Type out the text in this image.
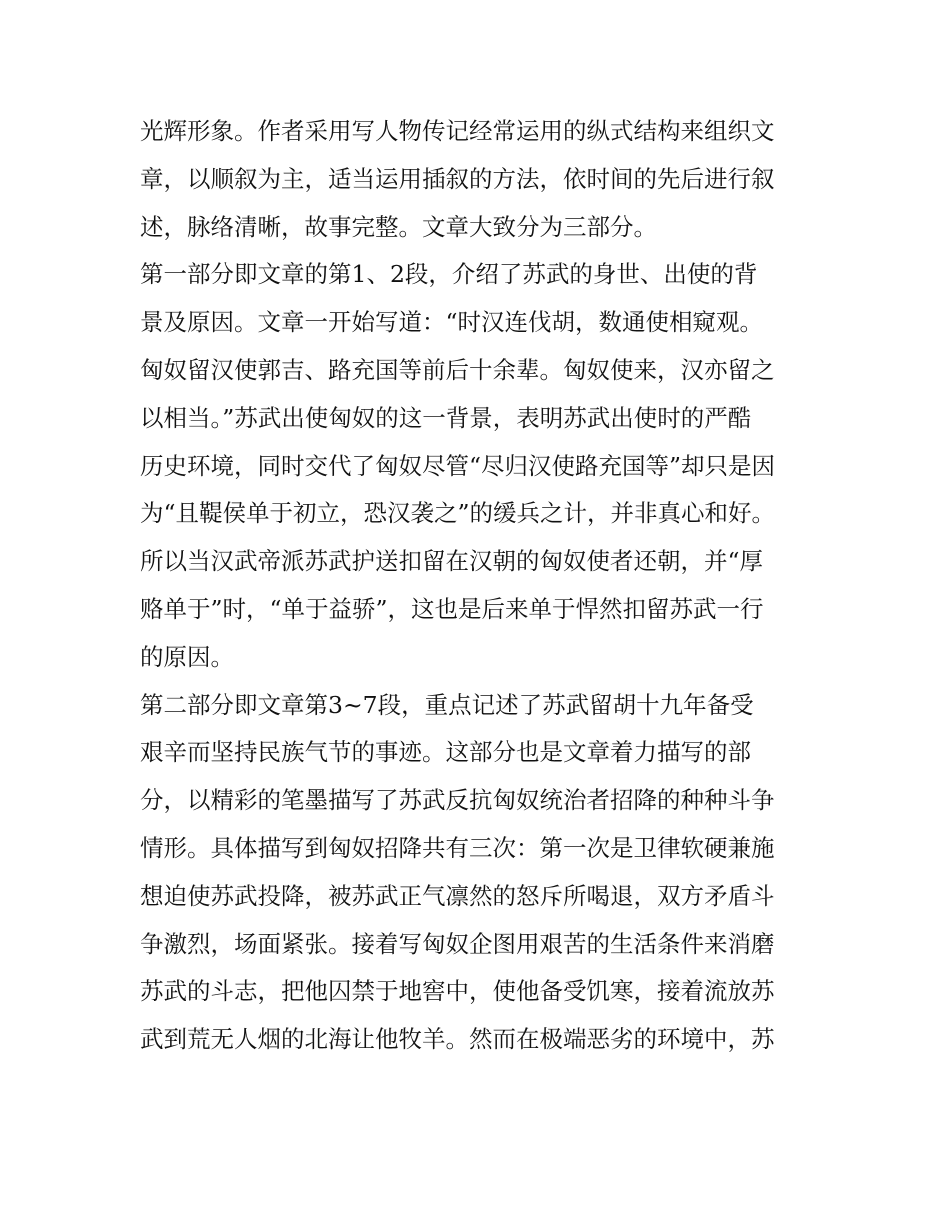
光辉形象。作者采用写人物传记经常运用的纵式结构来组织文
章，以顺叙为主，适当运用插叙的方法，依时间的先后进行叙
述，脉络清晰，故事完整。文章大致分为三部分。
第一部分即文章的第1、2段，介绍了苏武的身世、出使的背
景及原因。文章一开始写道：“时汉连伐胡，数通使相窥观。
匈奴留汉使郭吉、路充国等前后十余辈。匈奴使来，汉亦留之
以相当。”苏武出使匈奴的这一背景，表明苏武出使时的严酷
历史环境，同时交代了匈奴尽管“尽归汉使路充国等”却只是因
为“且鞮侯单于初立，恐汉袭之”的缓兵之计，并非真心和好。
所以当汉武帝派苏武护送扣留在汉朝的匈奴使者还朝，并“厚
赂单于”时，“单于益骄”，这也是后来单于悍然扣留苏武一行
的原因。
第二部分即文章第3~7段，重点记述了苏武留胡十九年备受
艰辛而坚持民族气节的事迹。这部分也是文章着力描写的部
分，以精彩的笔墨描写了苏武反抗匈奴统治者招降的种种斗争
情形。具体描写到匈奴招降共有三次：第一次是卫律软硬兼施
想迫使苏武投降，被苏武正气凛然的怒斥所喝退，双方矛盾斗
争激烈，场面紧张。接着写匈奴企图用艰苦的生活条件来消磨
苏武的斗志，把他囚禁于地窖中，使他备受饥寒，接着流放苏
武到荒无人烟的北海让他牧羊。然而在极端恶劣的环境中，苏
